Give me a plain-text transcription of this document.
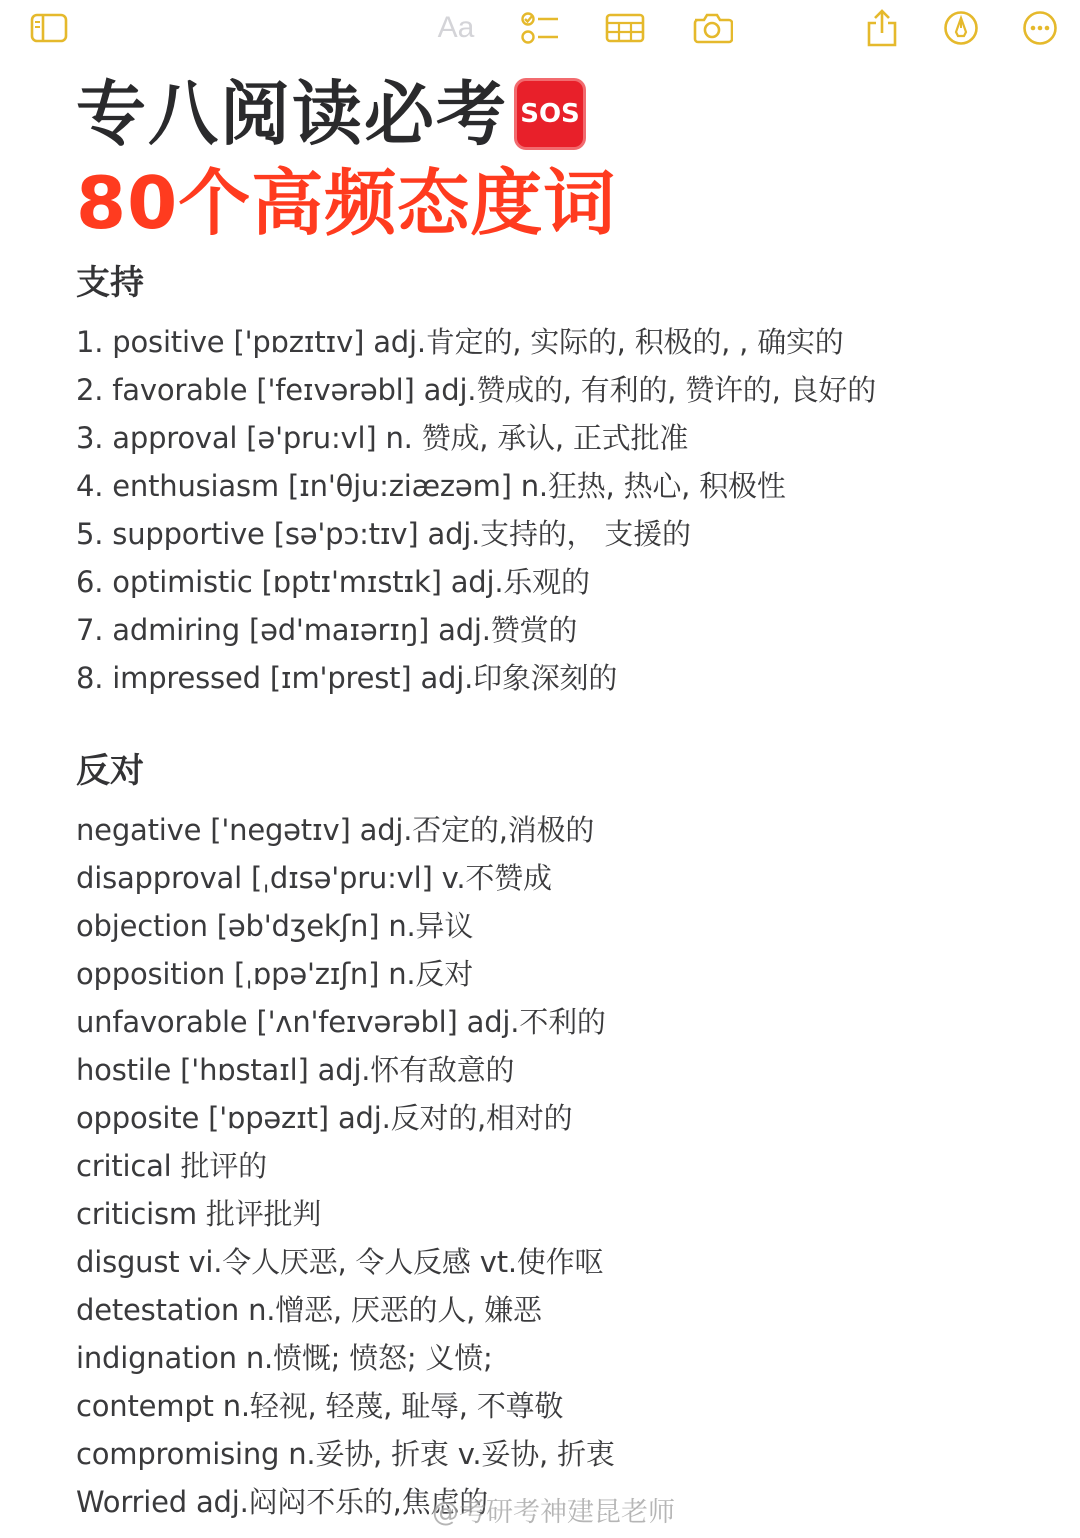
Aa
专八阅读必考 SOS
80个高频态度词
支持
1. positive ['pɒzɪtɪv] adj.肯定的, 实际的, 积极的, , 确实的
2. favorable ['feɪvərəbl] adj.赞成的, 有利的, 赞许的, 良好的
3. approval [ə'pru:vl] n. 赞成, 承认, 正式批准
4. enthusiasm [ɪn'θju:ziæzəm] n.狂热, 热心, 积极性
5. supportive [sə'pɔ:tɪv] adj.支持的， 支援的
6. optimistic [ɒptɪ'mɪstɪk] adj.乐观的
7. admiring [əd'maɪərɪŋ] adj.赞赏的
8. impressed [ɪm'prest] adj.印象深刻的
反对
negative ['negətɪv] adj.否定的,消极的
disapproval [ˌdɪsə'pru:vl] v.不赞成
objection [əb'dʒekʃn] n.异议
opposition [ˌɒpə'zɪʃn] n.反对
unfavorable ['ʌn'feɪvərəbl] adj.不利的
hostile ['hɒstaɪl] adj.怀有敌意的
opposite ['ɒpəzɪt] adj.反对的,相对的
critical 批评的
criticism 批评批判
disgust vi.令人厌恶, 令人反感 vt.使作呕
detestation n.憎恶, 厌恶的人, 嫌恶
indignation n.愤慨; 愤怒; 义愤;
contempt n.轻视, 轻蔑, 耻辱, 不尊敬
compromising n.妥协, 折衷 v.妥协, 折衷
Worried adj.闷闷不乐的,焦虑的
@考研考神建昆老师
